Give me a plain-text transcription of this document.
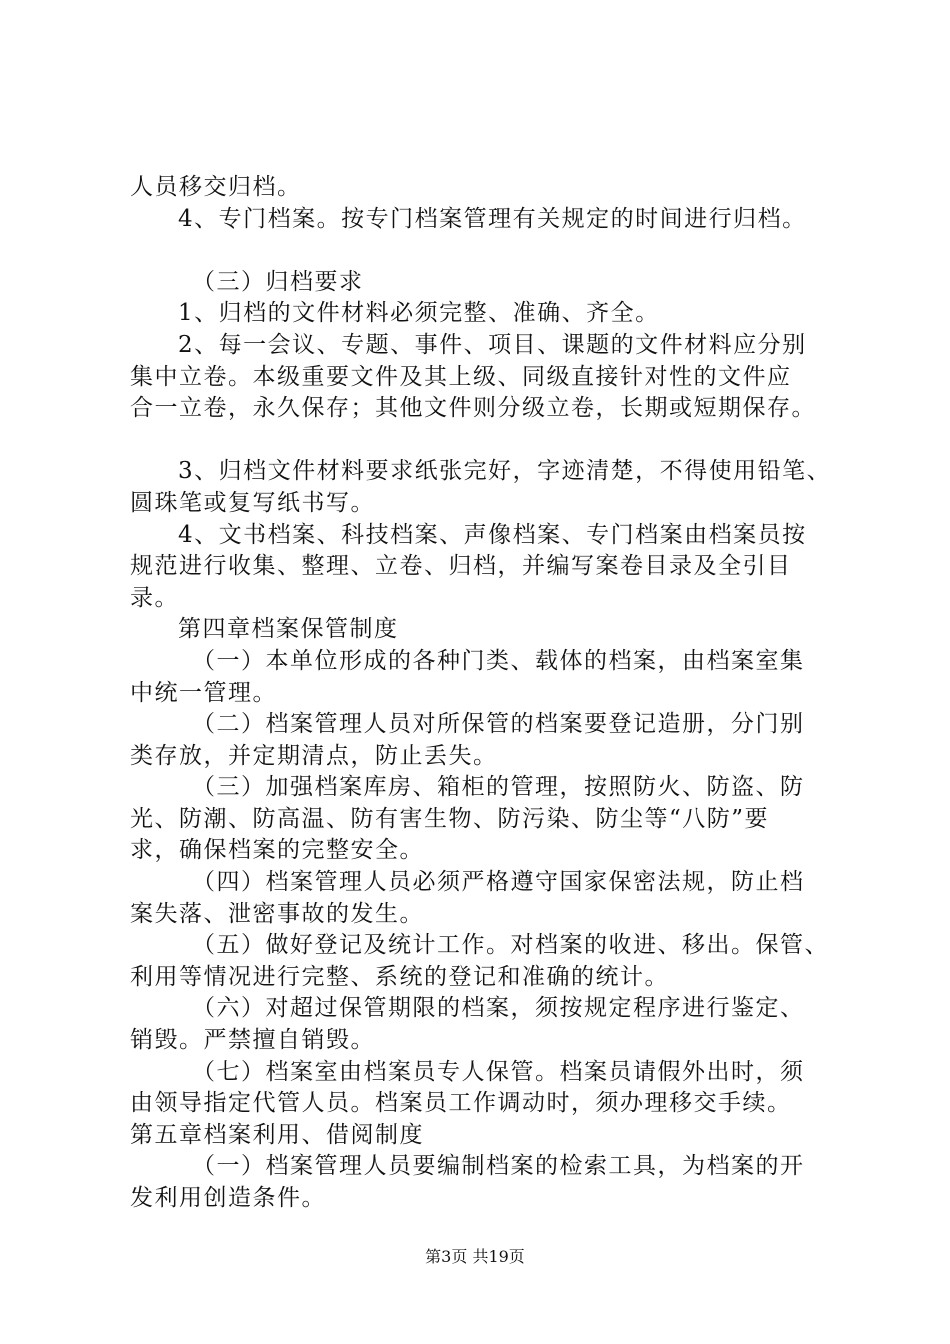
人员移交归档。

4、专门档案。按专门档案管理有关规定的时间进行归档。

（三）归档要求

1、归档的文件材料必须完整、准确、齐全。

2、每一会议、专题、事件、项目、课题的文件材料应分别

集中立卷。本级重要文件及其上级、同级直接针对性的文件应

合一立卷，永久保存；其他文件则分级立卷，长期或短期保存。

3、归档文件材料要求纸张完好，字迹清楚，不得使用铅笔、

圆珠笔或复写纸书写。

4、文书档案、科技档案、声像档案、专门档案由档案员按

规范进行收集、整理、立卷、归档，并编写案卷目录及全引目

录。

第四章档案保管制度

（一）本单位形成的各种门类、载体的档案，由档案室集

中统一管理。

（二）档案管理人员对所保管的档案要登记造册，分门别

类存放，并定期清点，防止丢失。

（三）加强档案库房、箱柜的管理，按照防火、防盗、防

光、防潮、防高温、防有害生物、防污染、防尘等“八防”要

求，确保档案的完整安全。

（四）档案管理人员必须严格遵守国家保密法规，防止档

案失落、泄密事故的发生。

（五）做好登记及统计工作。对档案的收进、移出。保管、

利用等情况进行完整、系统的登记和准确的统计。

（六）对超过保管期限的档案，须按规定程序进行鉴定、

销毁。严禁擅自销毁。

（七）档案室由档案员专人保管。档案员请假外出时，须

由领导指定代管人员。档案员工作调动时，须办理移交手续。

第五章档案利用、借阅制度

（一）档案管理人员要编制档案的检索工具，为档案的开

发利用创造条件。

第3页 共19页
